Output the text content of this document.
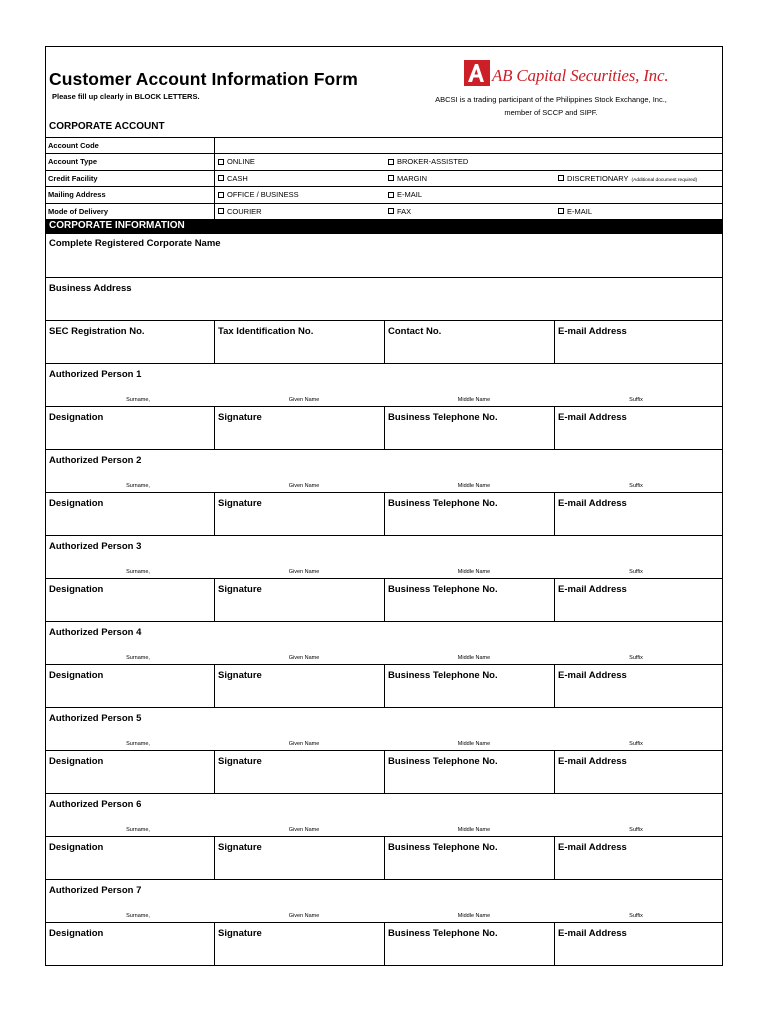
Customer Account Information Form
Please fill up clearly in BLOCK LETTERS.
AB Capital Securities, Inc.
ABCSI is a trading participant of the Philippines Stock Exchange, Inc.,
member of SCCP and SIPF.
CORPORATE ACCOUNT
Account Code
Account Type	ONLINE	BROKER-ASSISTED
Credit Facility	CASH	MARGIN	DISCRETIONARY (Additional document required)
Mailing Address	OFFICE / BUSINESS	E-MAIL
Mode of Delivery	COURIER	FAX	E-MAIL
CORPORATE INFORMATION
Complete Registered Corporate Name
Business Address
SEC Registration No.	Tax Identification No.	Contact No.	E-mail Address
Authorized Person 1
Surname,	Given Name	Middle Name	Suffix
Designation	Signature	Business Telephone No.	E-mail Address
Authorized Person 2
Surname,	Given Name	Middle Name	Suffix
Designation	Signature	Business Telephone No.	E-mail Address
Authorized Person 3
Surname,	Given Name	Middle Name	Suffix
Designation	Signature	Business Telephone No.	E-mail Address
Authorized Person 4
Surname,	Given Name	Middle Name	Suffix
Designation	Signature	Business Telephone No.	E-mail Address
Authorized Person 5
Surname,	Given Name	Middle Name	Suffix
Designation	Signature	Business Telephone No.	E-mail Address
Authorized Person 6
Surname,	Given Name	Middle Name	Suffix
Designation	Signature	Business Telephone No.	E-mail Address
Authorized Person 7
Surname,	Given Name	Middle Name	Suffix
Designation	Signature	Business Telephone No.	E-mail Address
